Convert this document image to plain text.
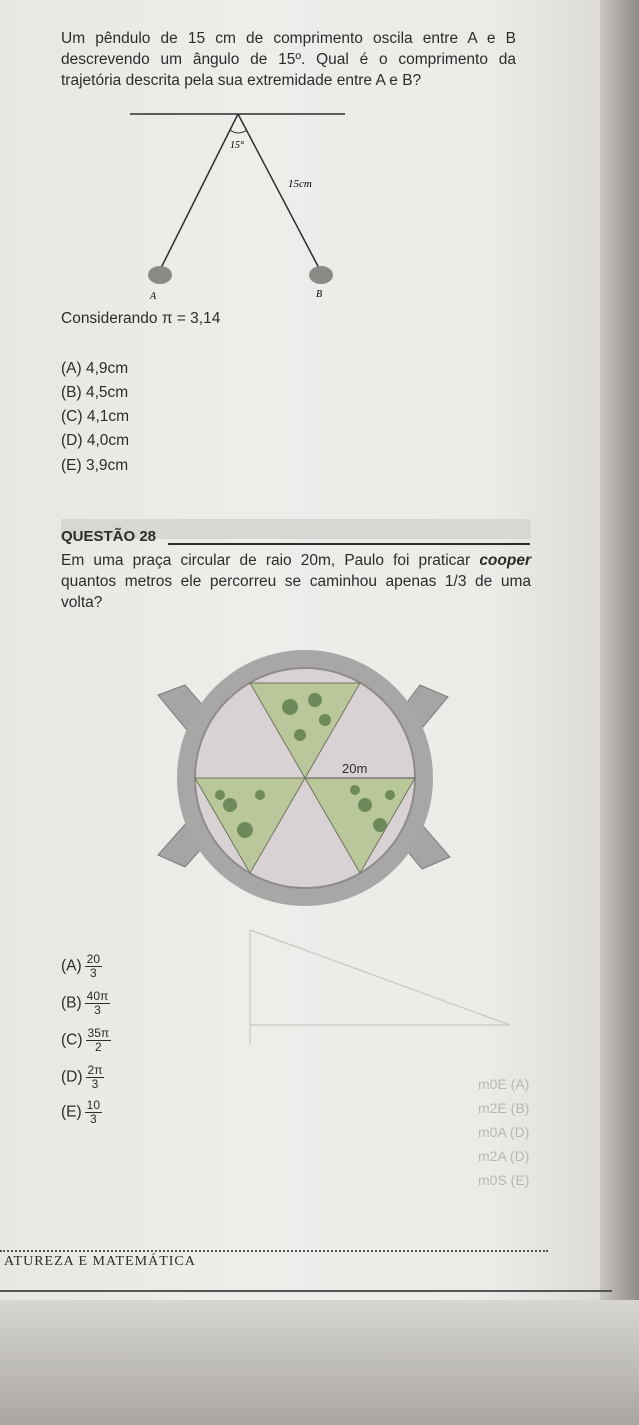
m0E (A)
m2E (B)
m0A (D)
m2A (D)
m0S (E)
Um pêndulo de 15 cm de comprimento oscila entre A e B descrevendo um ângulo de 15º. Qual é o comprimento da trajetória descrita pela sua extremidade entre A e B?
15°
15cm
A	B
Considerando π = 3,14
(A) 4,9cm
(B) 4,5cm
(C) 4,1cm
(D) 4,0cm
(E) 3,9cm
QUESTÃO 28
Em uma praça circular de raio 20m, Paulo foi praticar cooper quantos metros ele percorreu se caminhou apenas 1/3 de uma volta?
20m
$(A) \frac{20}{3}$
$(B) \frac{40\pi}{3}$
$(C) \frac{35\pi}{2}$
$(D) \frac{2\pi}{3}$
$(E) \frac{10}{3}$
ATUREZA E MATEMÁTICA
